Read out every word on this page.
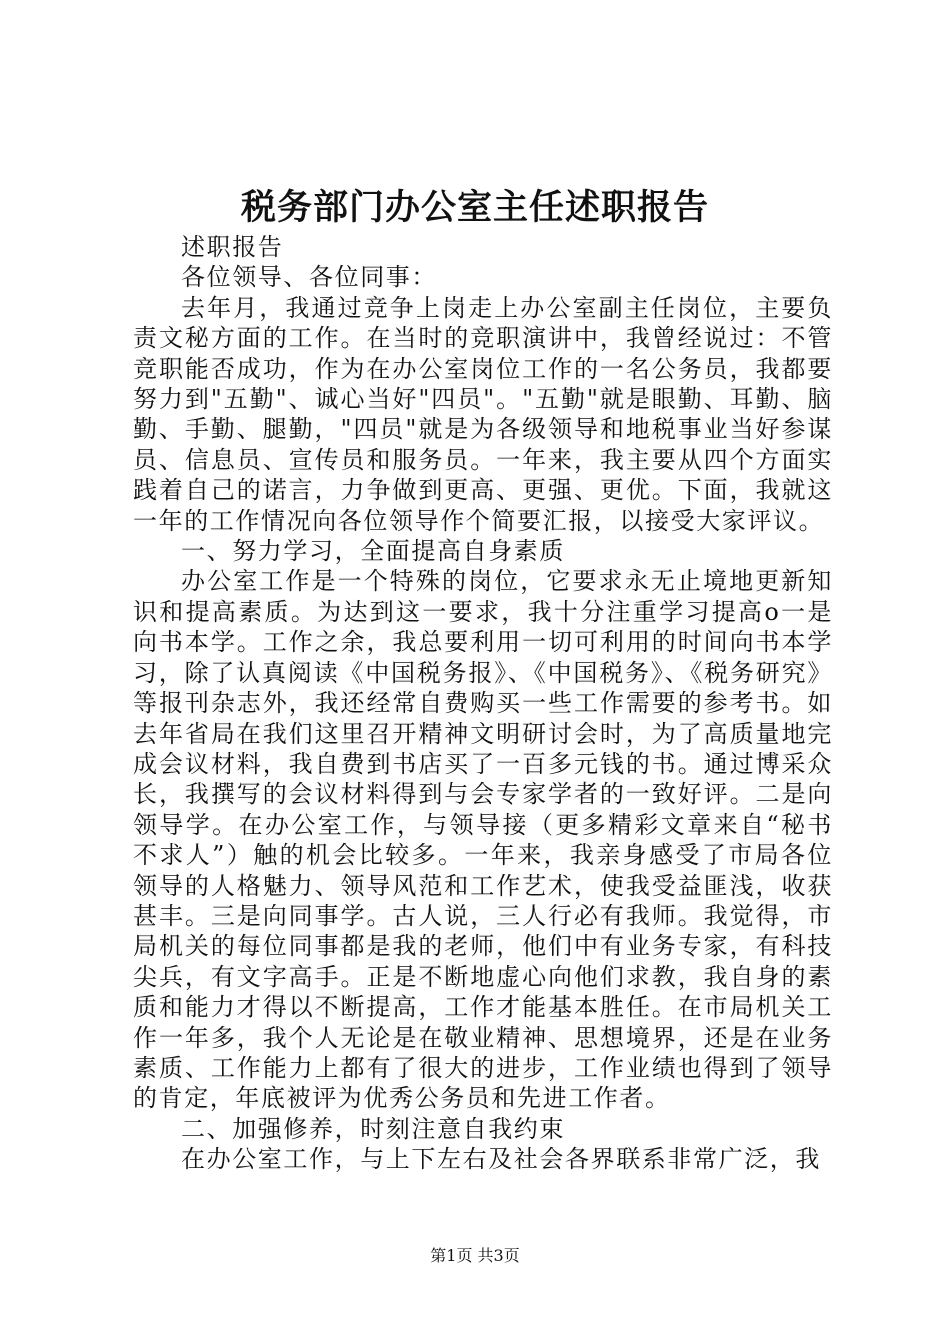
税务部门办公室主任述职报告

述职报告

各位领导、各位同事：

去年月，我通过竞争上岗走上办公室副主任岗位，主要负责文秘方面的工作。在当时的竞职演讲中，我曾经说过：不管竞职能否成功，作为在办公室岗位工作的一名公务员，我都要努力到"五勤"、诚心当好"四员"。"五勤"就是眼勤、耳勤、脑勤、手勤、腿勤，"四员"就是为各级领导和地税事业当好参谋员、信息员、宣传员和服务员。一年来，我主要从四个方面实践着自己的诺言，力争做到更高、更强、更优。下面，我就这一年的工作情况向各位领导作个简要汇报，以接受大家评议。

一、努力学习，全面提高自身素质

办公室工作是一个特殊的岗位，它要求永无止境地更新知识和提高素质。为达到这一要求，我十分注重学习提高ο一是向书本学。工作之余，我总要利用一切可利用的时间向书本学习，除了认真阅读《中国税务报》、《中国税务》、《税务研究》等报刊杂志外，我还经常自费购买一些工作需要的参考书。如去年省局在我们这里召开精神文明研讨会时，为了高质量地完成会议材料，我自费到书店买了一百多元钱的书。通过博采众长，我撰写的会议材料得到与会专家学者的一致好评。二是向领导学。在办公室工作，与领导接（更多精彩文章来自“秘书不求人”）触的机会比较多。一年来，我亲身感受了市局各位领导的人格魅力、领导风范和工作艺术，使我受益匪浅，收获甚丰。三是向同事学。古人说，三人行必有我师。我觉得，市局机关的每位同事都是我的老师，他们中有业务专家，有科技尖兵，有文字高手。正是不断地虚心向他们求教，我自身的素质和能力才得以不断提高，工作才能基本胜任。在市局机关工作一年多，我个人无论是在敬业精神、思想境界，还是在业务素质、工作能力上都有了很大的进步，工作业绩也得到了领导的肯定，年底被评为优秀公务员和先进工作者。

二、加强修养，时刻注意自我约束

在办公室工作，与上下左右及社会各界联系非常广泛，我

第1页 共3页
